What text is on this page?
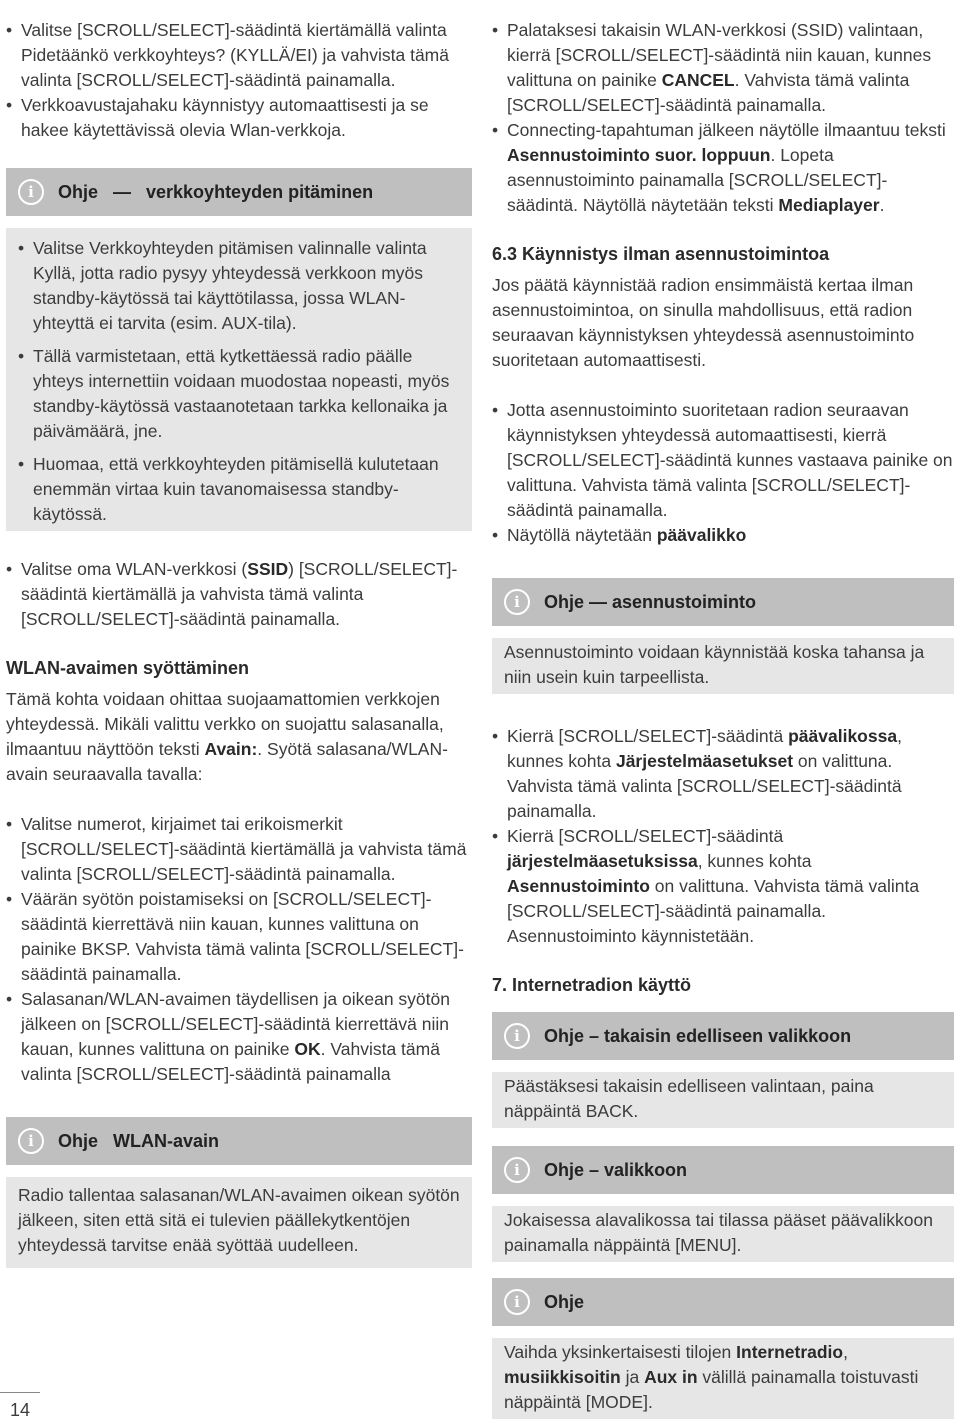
• Valitse [SCROLL/SELECT]-säädintä kiertämällä valinta Pidetäänkö verkkoyhteys? (KYLLÄ/EI) ja vahvista tämä valinta [SCROLL/SELECT]-säädintä painamalla.
• Verkkoavustajahaku käynnistyy automaattisesti ja se hakee käytettävissä olevia Wlan-verkkoja.
i	Ohje   —   verkkoyhteyden pitäminen
• Valitse Verkkoyhteyden pitämisen valinnalle valinta Kyllä, jotta radio pysyy yhteydessä verkkoon myös standby-käytössä tai käyttötilassa, jossa WLAN-yhteyttä ei tarvita (esim. AUX-tila).
• Tällä varmistetaan, että kytkettäessä radio päälle yhteys internettiin voidaan muodostaa nopeasti, myös standby-käytössä vastaanotetaan tarkka kellonaika ja päivämäärä, jne.
• Huomaa, että verkkoyhteyden pitämisellä kulutetaan enemmän virtaa kuin tavanomaisessa standby-käytössä.
• Valitse oma WLAN-verkkosi (SSID) [SCROLL/SELECT]-säädintä kiertämällä ja vahvista tämä valinta [SCROLL/SELECT]-säädintä painamalla.
WLAN-avaimen syöttäminen

Tämä kohta voidaan ohittaa suojaamattomien verkkojen yhteydessä. Mikäli valittu verkko on suojattu salasanalla, ilmaantuu näyttöön teksti Avain:. Syötä salasana/WLAN-avain seuraavalla tavalla:

• Valitse numerot, kirjaimet tai erikoismerkit [SCROLL/SELECT]-säädintä kiertämällä ja vahvista tämä valinta [SCROLL/SELECT]-säädintä painamalla.
• Väärän syötön poistamiseksi on [SCROLL/SELECT]-säädintä kierrettävä niin kauan, kunnes valittuna on painike BKSP. Vahvista tämä valinta [SCROLL/SELECT]-säädintä painamalla.
• Salasanan/WLAN-avaimen täydellisen ja oikean syötön jälkeen on [SCROLL/SELECT]-säädintä kierrettävä niin kauan, kunnes valittuna on painike OK. Vahvista tämä valinta [SCROLL/SELECT]-säädintä painamalla
i	Ohje   WLAN-avain
Radio tallentaa salasanan/WLAN-avaimen oikean syötön jälkeen, siten että sitä ei tulevien päällekytkentöjen yhteydessä tarvitse enää syöttää uudelleen.
• Palataksesi takaisin WLAN-verkkosi (SSID) valintaan, kierrä [SCROLL/SELECT]-säädintä niin kauan, kunnes valittuna on painike CANCEL. Vahvista tämä valinta [SCROLL/SELECT]-säädintä painamalla.
• Connecting-tapahtuman jälkeen näytölle ilmaantuu teksti Asennustoiminto suor. loppuun. Lopeta asennustoiminto painamalla [SCROLL/SELECT]-säädintä. Näytöllä näytetään teksti Mediaplayer.
6.3 Käynnistys ilman asennustoimintoa

Jos päätä käynnistää radion ensimmäistä kertaa ilman asennustoimintoa, on sinulla mahdollisuus, että radion seuraavan käynnistyksen yhteydessä asennustoiminto suoritetaan automaattisesti.

• Jotta asennustoiminto suoritetaan radion seuraavan käynnistyksen yhteydessä automaattisesti, kierrä [SCROLL/SELECT]-säädintä kunnes vastaava painike on valittuna. Vahvista tämä valinta [SCROLL/SELECT]-säädintä painamalla.
• Näytöllä näytetään päävalikko
i	Ohje — asennustoiminto
Asennustoiminto voidaan käynnistää koska tahansa ja niin usein kuin tarpeellista.
• Kierrä [SCROLL/SELECT]-säädintä päävalikossa, kunnes kohta Järjestelmäasetukset on valittuna. Vahvista tämä valinta [SCROLL/SELECT]-säädintä painamalla.
• Kierrä [SCROLL/SELECT]-säädintä järjestelmäasetuksissa, kunnes kohta Asennustoiminto on valittuna. Vahvista tämä valinta [SCROLL/SELECT]-säädintä painamalla. Asennustoiminto käynnistetään.
7. Internetradion käyttö
i	Ohje – takaisin edelliseen valikkoon
Päästäksesi takaisin edelliseen valintaan, paina näppäintä BACK.
i	Ohje – valikkoon
Jokaisessa alavalikossa tai tilassa pääset päävalikkoon painamalla näppäintä [MENU].
i	Ohje
Vaihda yksinkertaisesti tilojen Internetradio, musiikkisoitin ja Aux in välillä painamalla toistuvasti näppäintä [MODE].
14
